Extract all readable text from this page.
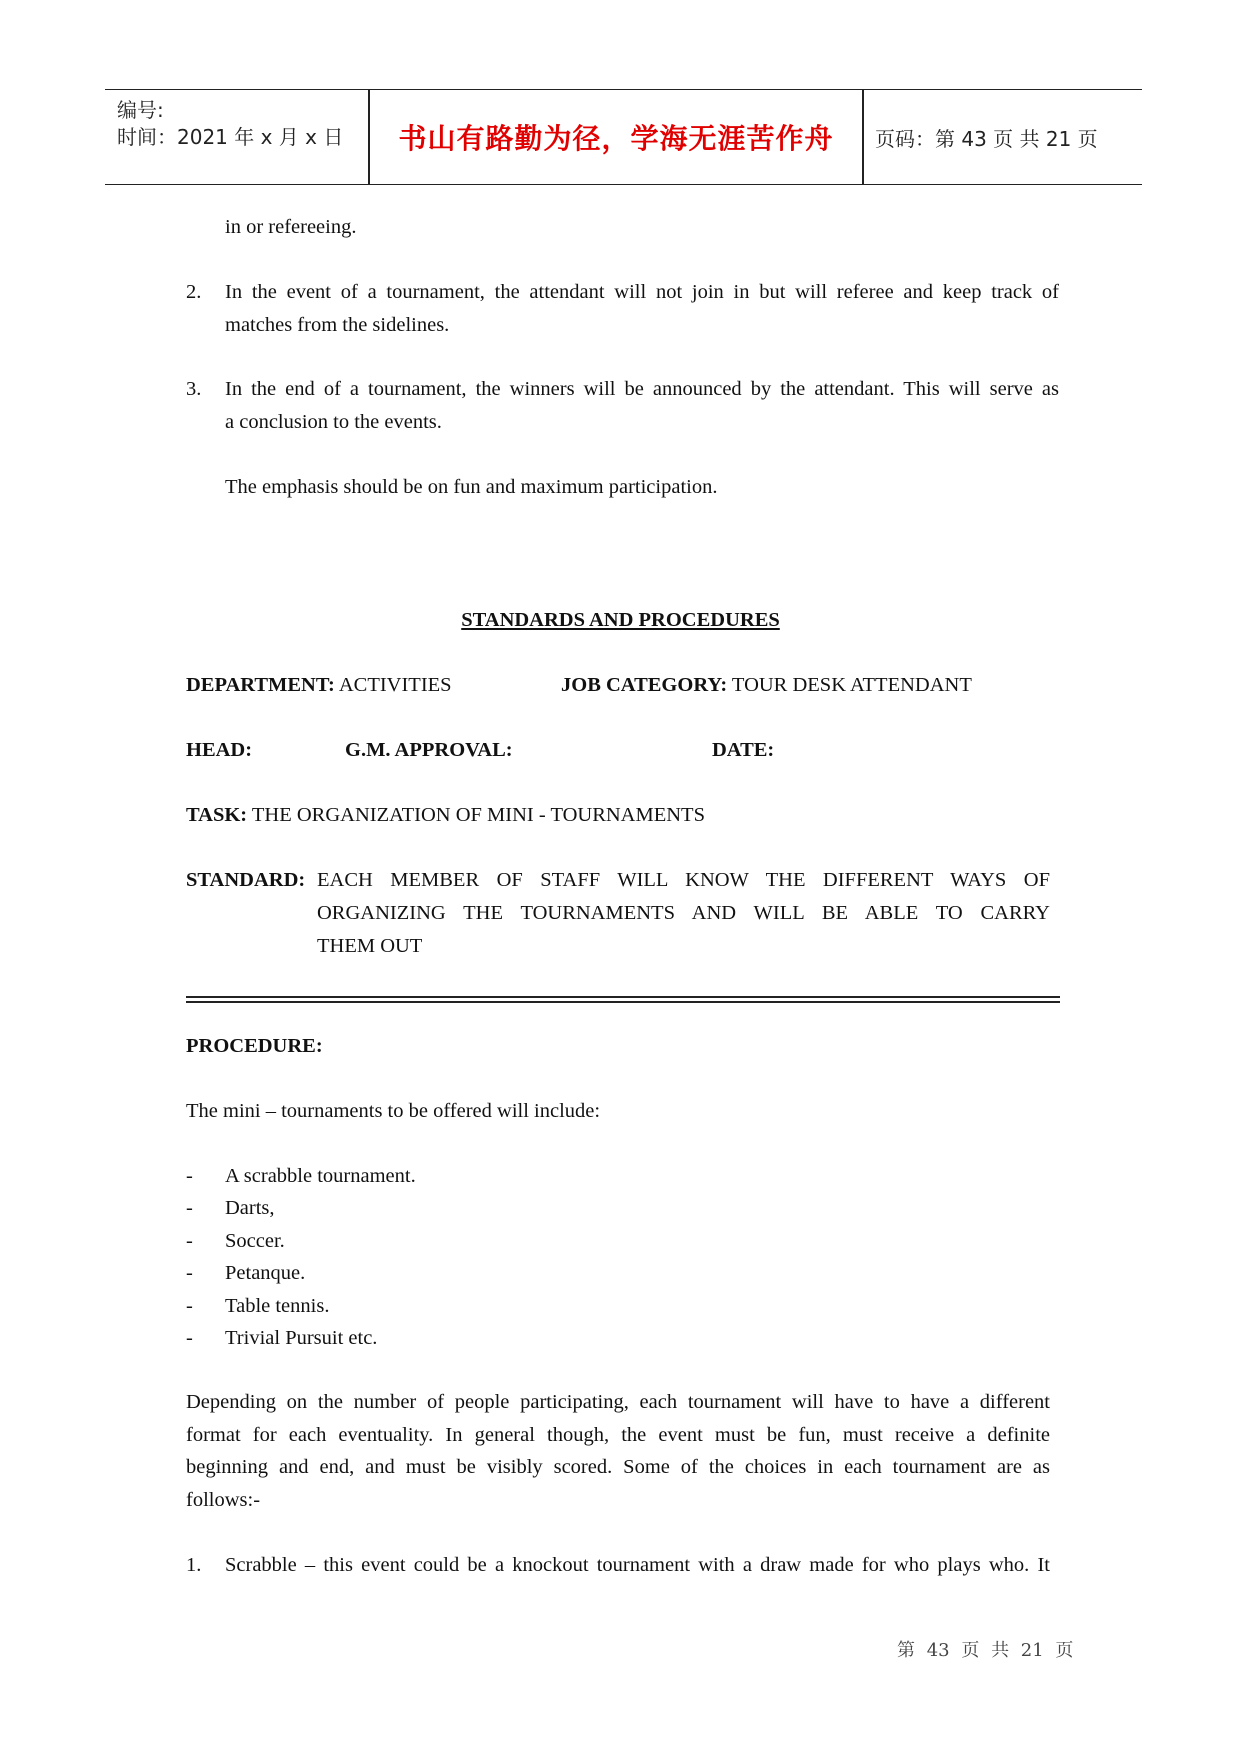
编号:
时间：2021 年 x 月 x 日	书山有路勤为径，学海无涯苦作舟	页码：第 43 页 共 21 页
in or refereeing.
2. In the event of a tournament, the attendant will not join in but will referee and keep track of
matches from the sidelines.
3. In the end of a tournament, the winners will be announced by the attendant. This will serve as
a conclusion to the events.
The emphasis should be on fun and maximum participation.
STANDARDS AND PROCEDURES
DEPARTMENT: ACTIVITIES	JOB CATEGORY: TOUR DESK ATTENDANT
HEAD:	G.M. APPROVAL:	DATE:
TASK: THE ORGANIZATION OF MINI - TOURNAMENTS
STANDARD: EACH MEMBER OF STAFF WILL KNOW THE DIFFERENT WAYS OF
ORGANIZING THE TOURNAMENTS AND WILL BE ABLE TO CARRY
THEM OUT
PROCEDURE:
The mini – tournaments to be offered will include:
- A scrabble tournament.
- Darts,
- Soccer.
- Petanque.
- Table tennis.
- Trivial Pursuit etc.
Depending on the number of people participating, each tournament will have to have a different
format for each eventuality. In general though, the event must be fun, must receive a definite
beginning and end, and must be visibly scored. Some of the choices in each tournament are as
follows:-
1. Scrabble – this event could be a knockout tournament with a draw made for who plays who. It
第 43 页 共 21 页
